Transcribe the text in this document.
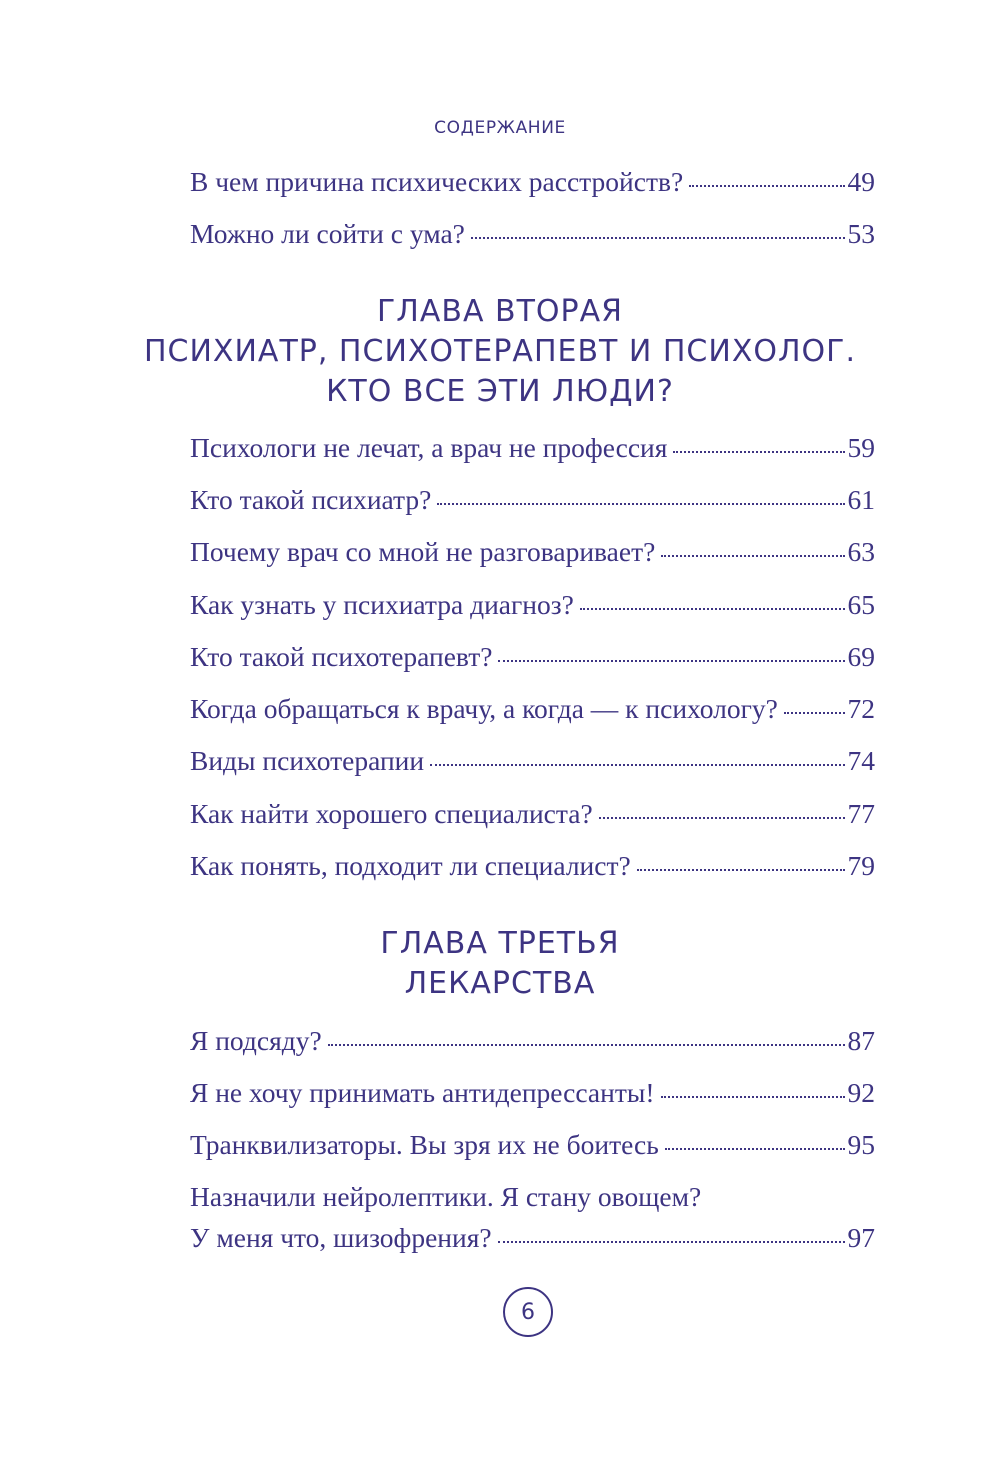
СОДЕРЖАНИЕ
В чем причина психических расстройств?	49
Можно ли сойти с ума?	53
ГЛАВА ВТОРАЯ
ПСИХИАТР, ПСИХОТЕРАПЕВТ И ПСИХОЛОГ.
КТО ВСЕ ЭТИ ЛЮДИ?
Психологи не лечат, а врач не профессия	59
Кто такой психиатр?	61
Почему врач со мной не разговаривает?	63
Как узнать у психиатра диагноз?	65
Кто такой психотерапевт?	69
Когда обращаться к врачу, а когда — к психологу?	72
Виды психотерапии	74
Как найти хорошего специалиста?	77
Как понять, подходит ли специалист?	79
ГЛАВА ТРЕТЬЯ
ЛЕКАРСТВА
Я подсяду?	87
Я не хочу принимать антидепрессанты!	92
Транквилизаторы. Вы зря их не боитесь	95
Назначили нейролептики. Я стану овощем?
У меня что, шизофрения?	97
6
